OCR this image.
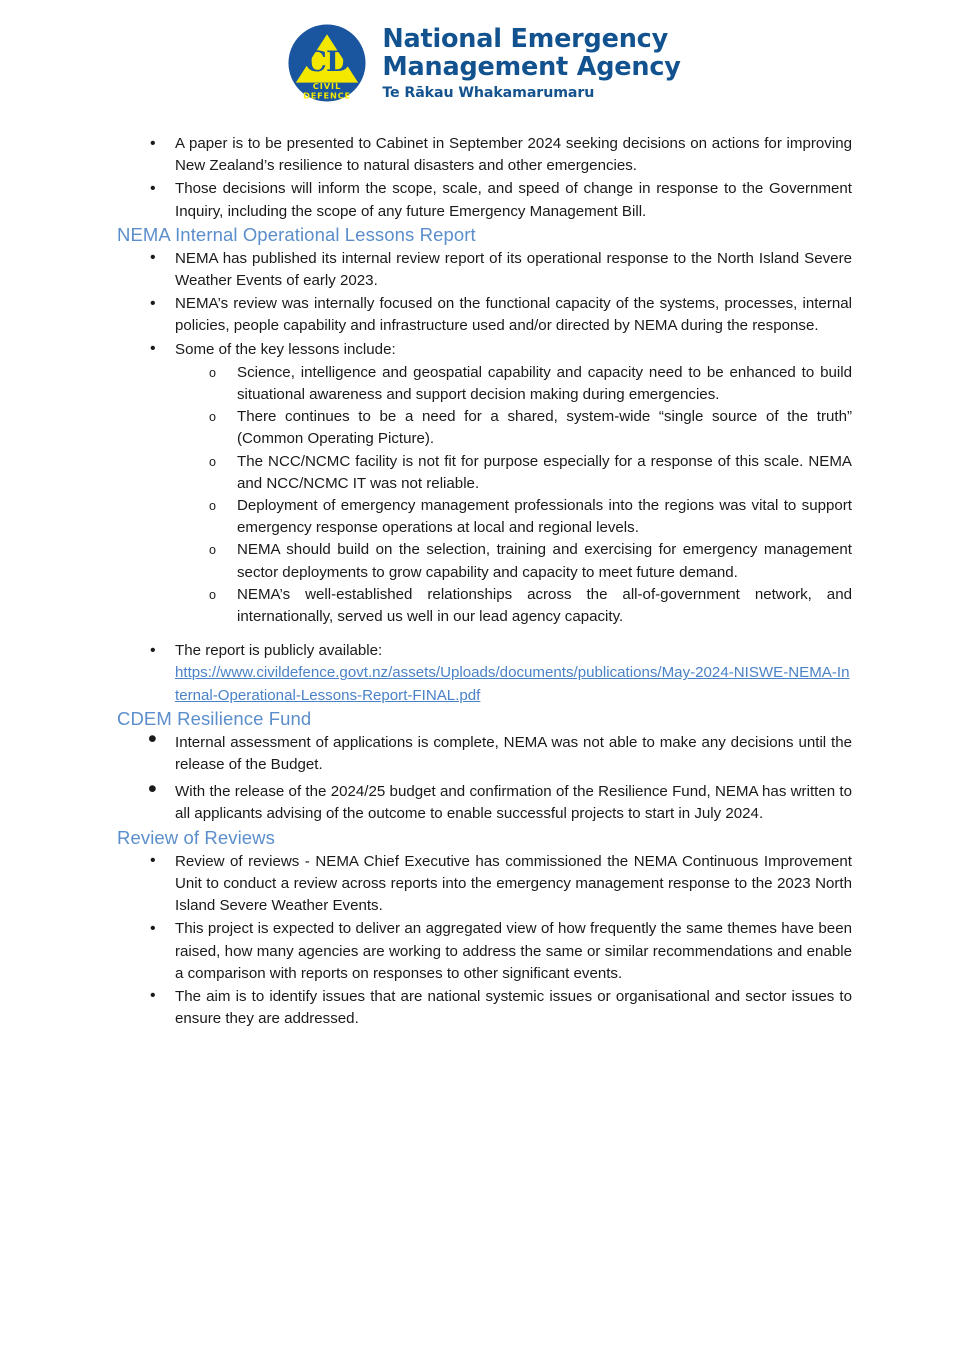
CD
CIVIL
DEFENCE
National Emergency
Management Agency
Te Rākau Whakamarumaru
• A paper is to be presented to Cabinet in September 2024 seeking decisions on actions for improving New Zealand’s resilience to natural disasters and other emergencies.
• Those decisions will inform the scope, scale, and speed of change in response to the Government Inquiry, including the scope of any future Emergency Management Bill.
NEMA Internal Operational Lessons Report
• NEMA has published its internal review report of its operational response to the North Island Severe Weather Events of early 2023.
• NEMA’s review was internally focused on the functional capacity of the systems, processes, internal policies, people capability and infrastructure used and/or directed by NEMA during the response.
• Some of the key lessons include:
o Science, intelligence and geospatial capability and capacity need to be enhanced to build situational awareness and support decision making during emergencies.
o There continues to be a need for a shared, system-wide “single source of the truth” (Common Operating Picture).
o The NCC/NCMC facility is not fit for purpose especially for a response of this scale. NEMA and NCC/NCMC IT was not reliable.
o Deployment of emergency management professionals into the regions was vital to support emergency response operations at local and regional levels.
o NEMA should build on the selection, training and exercising for emergency management sector deployments to grow capability and capacity to meet future demand.
o NEMA’s well-established relationships across the all-of-government network, and internationally, served us well in our lead agency capacity.
• The report is publicly available:
https://www.civildefence.govt.nz/assets/Uploads/documents/publications/May-2024-NISWE-NEMA-Internal-Operational-Lessons-Report-FINAL.pdf
CDEM Resilience Fund
• Internal assessment of applications is complete, NEMA was not able to make any decisions until the release of the Budget.
• With the release of the 2024/25 budget and confirmation of the Resilience Fund, NEMA has written to all applicants advising of the outcome to enable successful projects to start in July 2024.
Review of Reviews
• Review of reviews - NEMA Chief Executive has commissioned the NEMA Continuous Improvement Unit to conduct a review across reports into the emergency management response to the 2023 North Island Severe Weather Events.
• This project is expected to deliver an aggregated view of how frequently the same themes have been raised, how many agencies are working to address the same or similar recommendations and enable a comparison with reports on responses to other significant events.
• The aim is to identify issues that are national systemic issues or organisational and sector issues to ensure they are addressed.
